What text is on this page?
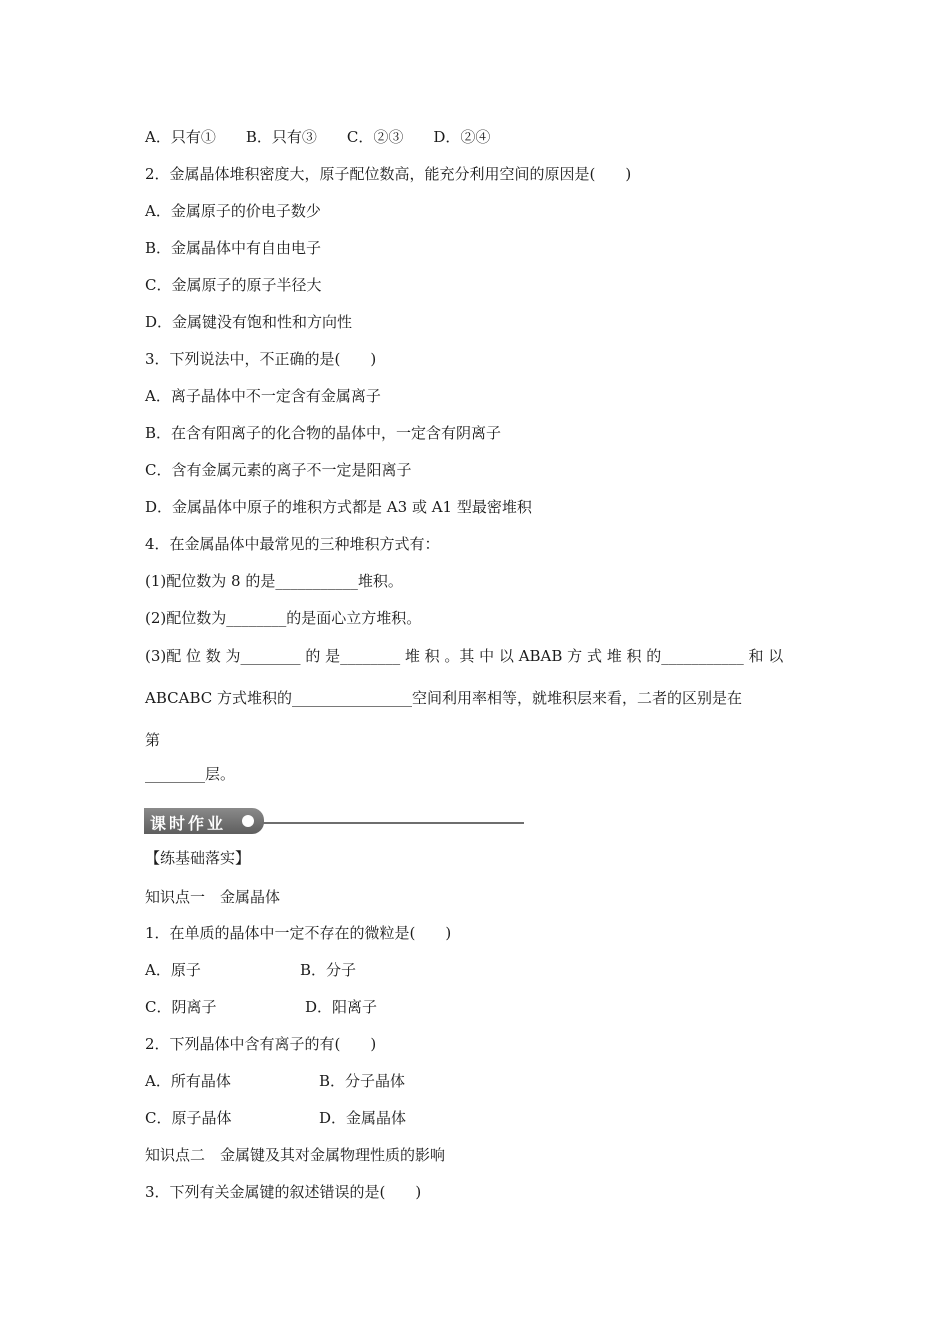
A．只有① B．只有③ C．②③ D．②④
2．金属晶体堆积密度大，原子配位数高，能充分利用空间的原因是(　　)
A．金属原子的价电子数少
B．金属晶体中有自由电子
C．金属原子的原子半径大
D．金属键没有饱和性和方向性
3．下列说法中，不正确的是(　　)
A．离子晶体中不一定含有金属离子
B．在含有阳离子的化合物的晶体中，一定含有阴离子
C．含有金属元素的离子不一定是阳离子
D．金属晶体中原子的堆积方式都是 A3 或 A1 型最密堆积
4．在金属晶体中最常见的三种堆积方式有：
(1)配位数为 8 的是___________堆积。
(2)配位数为________的是面心立方堆积。
(3)配 位 数 为________ 的 是________ 堆 积 。其 中 以 ABAB 方 式 堆 积 的___________ 和 以
ABCABC 方式堆积的________________空间利用率相等，就堆积层来看，二者的区别是在
第
________层。
课时作业
【练基础落实】
知识点一　金属晶体
1．在单质的晶体中一定不存在的微粒是(　　)
A．原子	B．分子
C．阴离子	D．阳离子
2．下列晶体中含有离子的有(　　)
A．所有晶体	B．分子晶体
C．原子晶体	D．金属晶体
知识点二　金属键及其对金属物理性质的影响
3．下列有关金属键的叙述错误的是(　　)
